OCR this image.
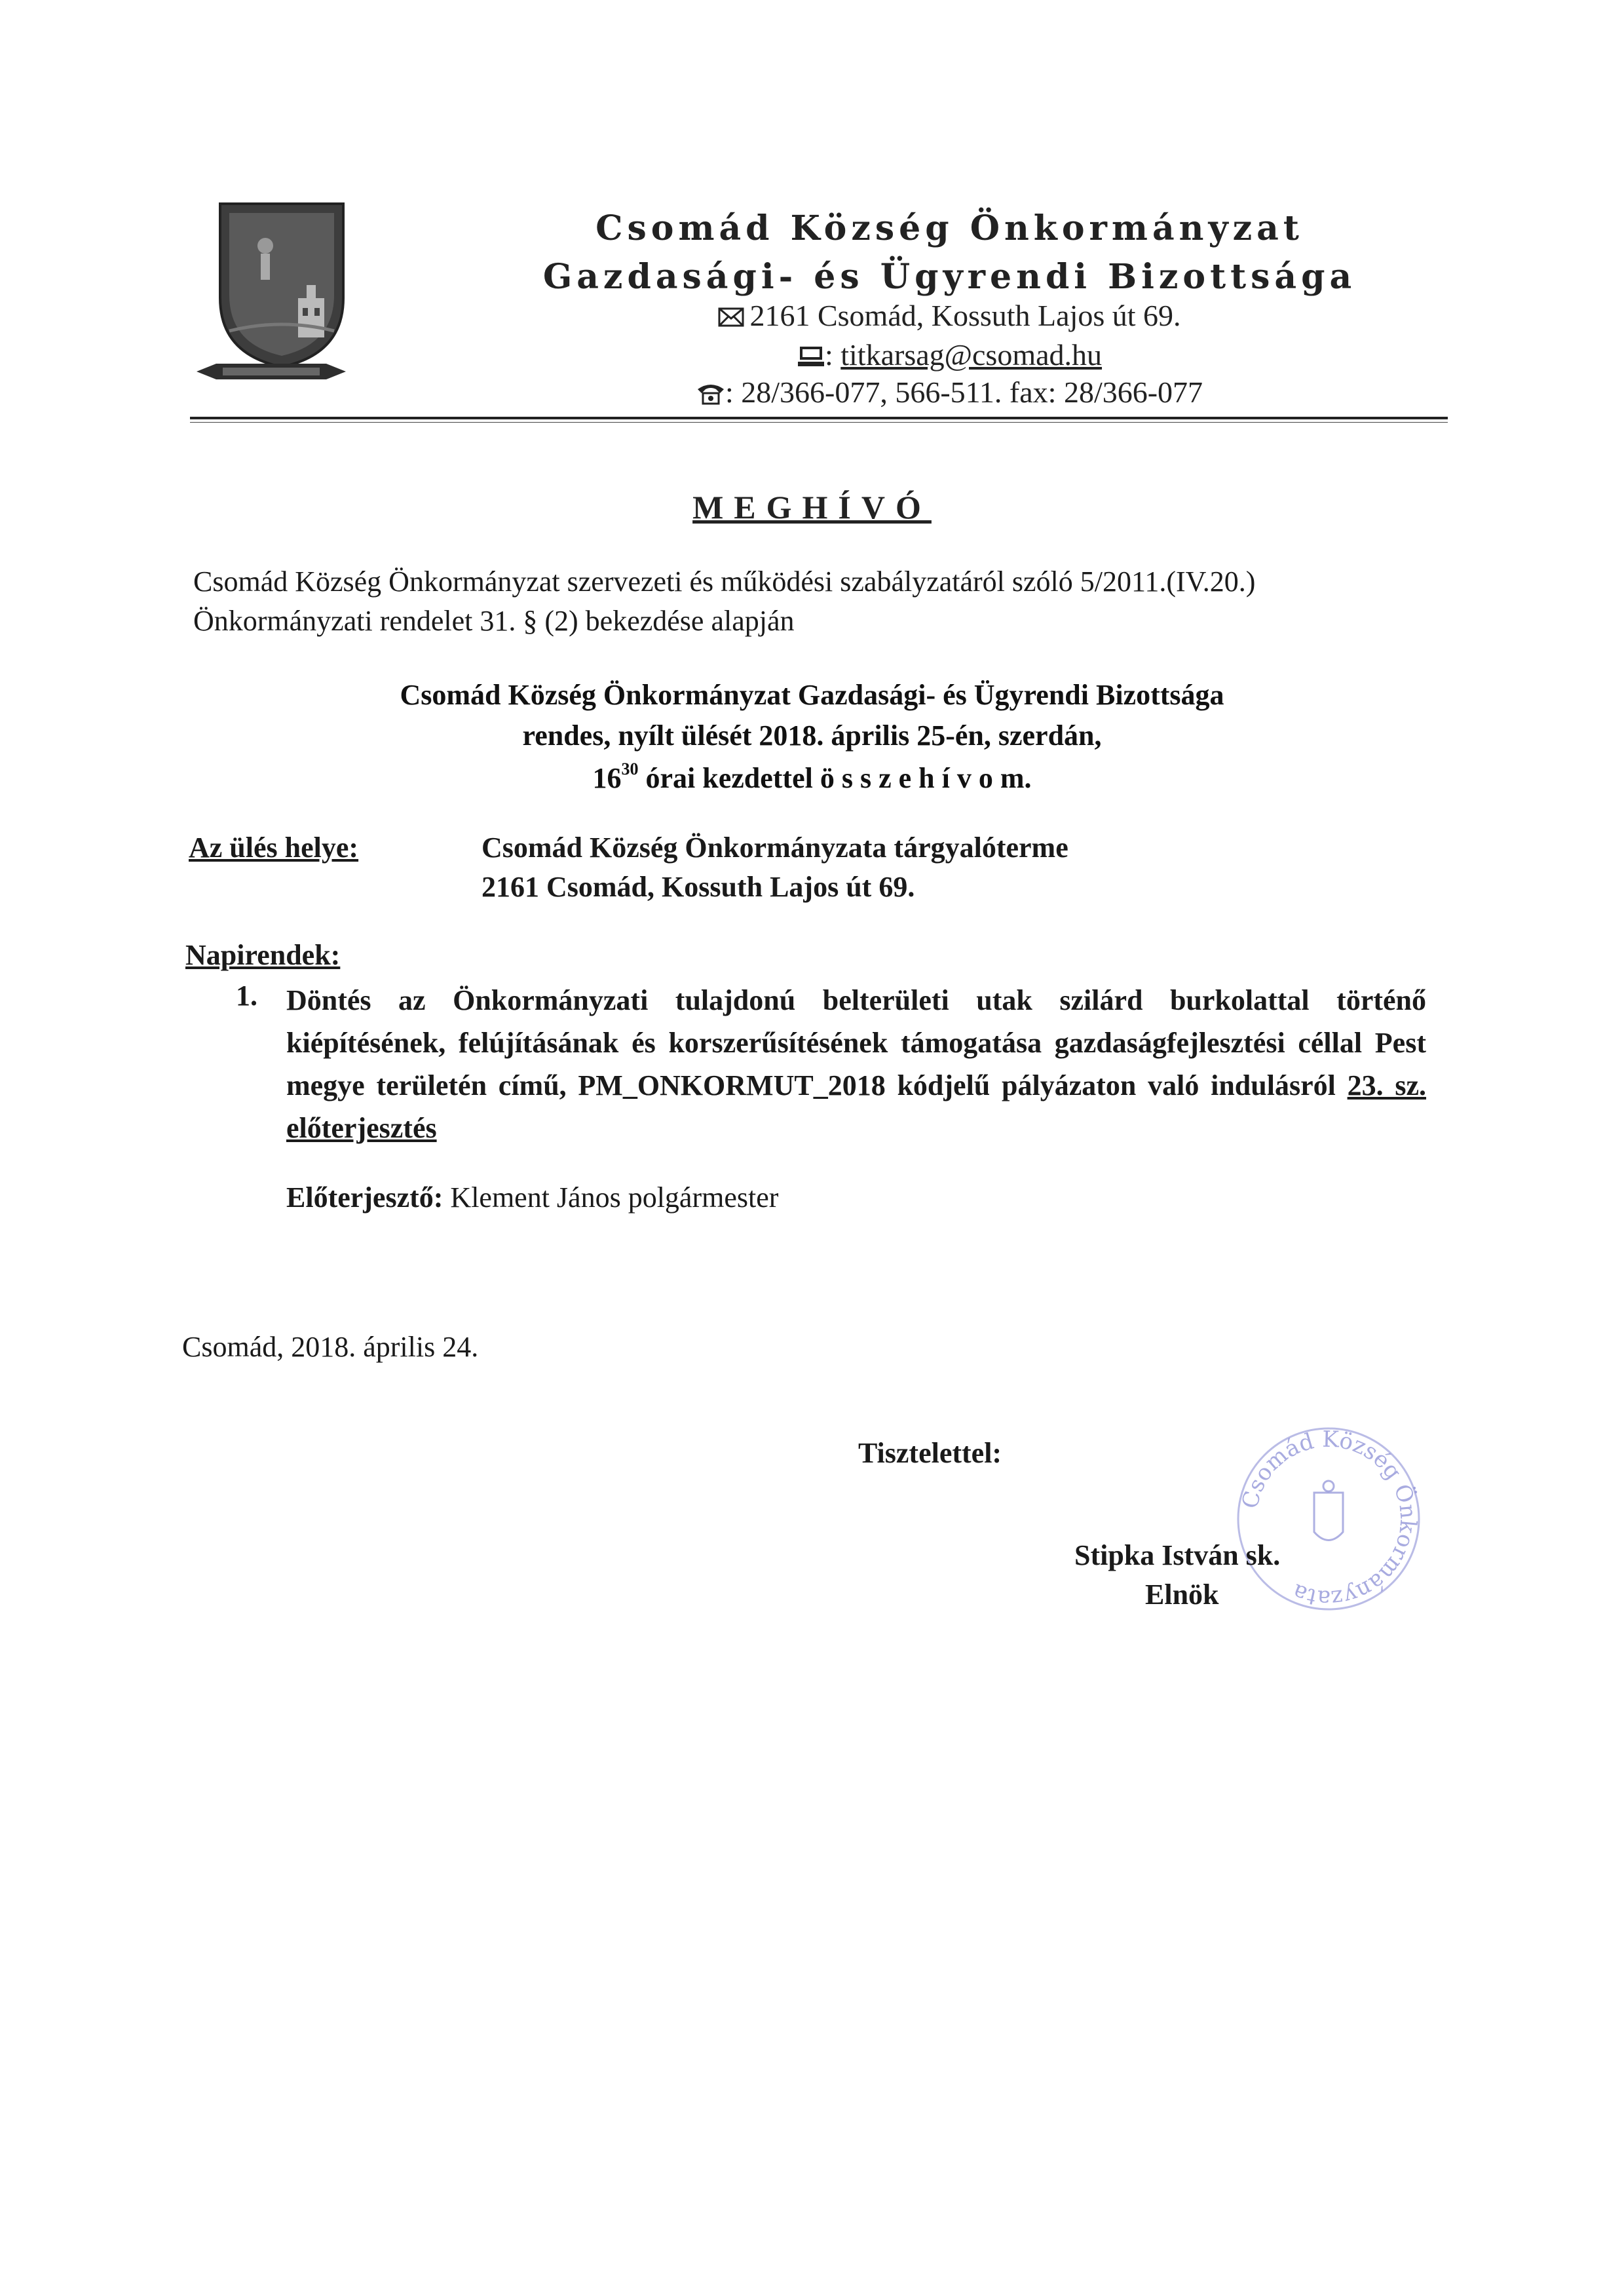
Csomád Község Önkormányzat
Gazdasági- és Ügyrendi Bizottsága
2161 Csomád, Kossuth Lajos út 69.
: titkarsag@csomad.hu
: 28/366-077, 566-511. fax: 28/366-077
MEGHÍVÓ
Csomád Község Önkormányzat szervezeti és működési szabályzatáról szóló 5/2011.(IV.20.) Önkormányzati rendelet 31. § (2) bekezdése alapján
Csomád Község Önkormányzat Gazdasági- és Ügyrendi Bizottsága
rendes, nyílt ülését 2018. április 25-én, szerdán,
$16^{30}$ órai kezdettel ö s s z e h í v o m.
Az ülés helye:	Csomád Község Önkormányzata tárgyalóterme
2161 Csomád, Kossuth Lajos út 69.
Napirendek:
1. Döntés az Önkormányzati tulajdonú belterületi utak szilárd burkolattal történő kiépítésének, felújításának és korszerűsítésének támogatása gazdaságfejlesztési céllal Pest megye területén című, PM_ONKORMUT_2018 kódjelű pályázaton való indulásról 23. sz. előterjesztés
Előterjesztő: Klement János polgármester
Csomád, 2018. április 24.
Tisztelettel:
Csomád Község Önkormányzata
Stipka István sk.
Elnök
